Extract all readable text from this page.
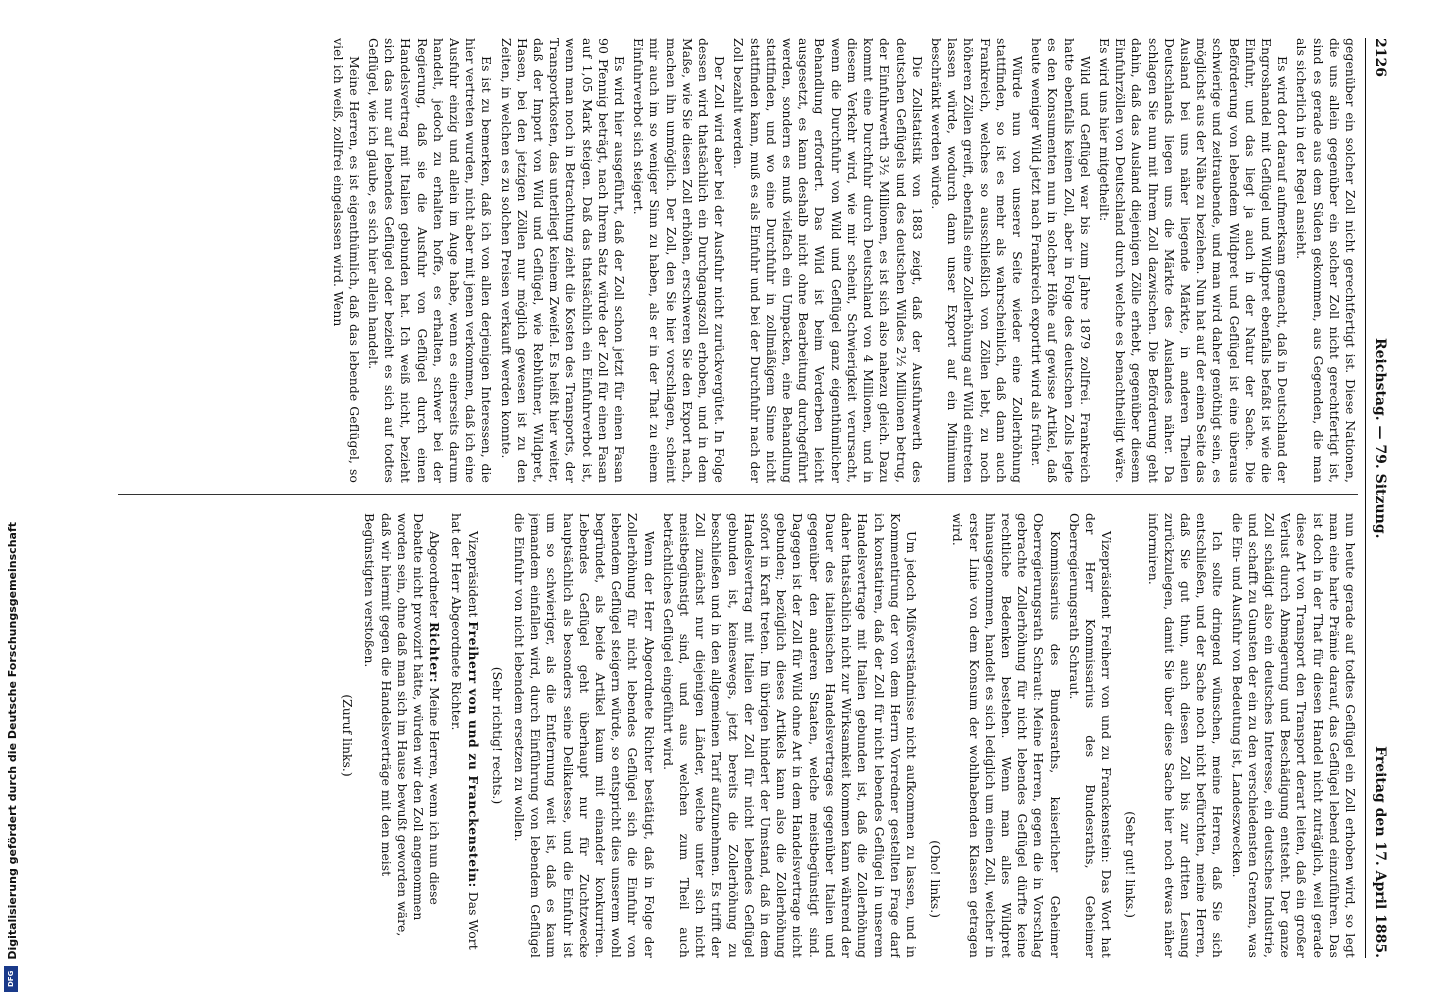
2126
Reichstag. — 79. Sitzung.
Freitag den 17. April 1885.

gegenüber ein solcher Zoll nicht gerechtfertigt ist. Diese Nationen, die uns allein gegenüber ein solcher Zoll nicht gerechtfertigt ist, sind es gerade aus dem Süden gekommen, aus Gegenden, die man als sicherlich in der Regel ansieht.

Es wird dort darauf aufmerksam gemacht, daß in Deutschland der Engroshandel mit Geflügel und Wildpret ebenfalls befaßt ist wie die Einfuhr, und das liegt ja auch in der Natur der Sache. Die Beförderung von lebendem Wildpret und Geflügel ist eine überaus schwierige und zeitraubende, und man wird daher genöthigt sein, es möglichst aus der Nähe zu beziehen. Nun hat auf der einen Seite das Ausland bei uns näher liegende Märkte, in anderen Theilen Deutschlands liegen uns die Märkte des Auslandes näher. Da schlagen Sie nun mit Ihrem Zoll dazwischen. Die Beförderung geht dahin, daß das Ausland diejenigen Zölle erhebt, gegenüber diesem Einfuhrzöllen von Deutschland durch welche es benachtheiligt wäre. Es wird uns hier mitgetheilt:

Wild und Geflügel war bis zum Jahre 1879 zollfrei. Frankreich hatte ebenfalls keinen Zoll, aber in Folge des deutschen Zolls legte es den Konsumenten nun in solcher Höhe auf gewisse Artikel, daß heute weniger Wild jetzt nach Frankreich exportirt wird als früher.

Würde nun von unserer Seite wieder eine Zollerhöhung stattfinden, so ist es mehr als wahrscheinlich, daß dann auch Frankreich, welches so ausschließlich von Zöllen lebt, zu noch höheren Zöllen greift, ebenfalls eine Zollerhöhung auf Wild eintreten lassen würde, wodurch dann unser Export auf ein Minimum beschränkt werden würde.

Die Zollstatistik von 1883 zeigt, daß der Ausfuhrwerth des deutschen Geflügels und des deutschen Wildes 2½ Millionen betrug, der Einfuhrwerth 3½ Millionen, es ist sich also nahezu gleich. Dazu kommt eine Durchfuhr durch Deutschland von 4 Millionen, und in diesem Verkehr wird, wie mir scheint, Schwierigkeit verursacht, wenn die Durchfuhr von Wild und Geflügel ganz eigenthümlicher Behandlung erfordert. Das Wild ist beim Verderben leicht ausgesetzt, es kann deshalb nicht ohne Bearbeitung durchgeführt werden, sondern es muß vielfach ein Umpacken, eine Behandlung stattfinden, und wo eine Durchfuhr in zollmäßigem Sinne nicht stattfinden kann, muß es als Einfuhr und bei der Durchfuhr nach der Zoll bezahlt werden.

Der Zoll wird aber bei der Ausfuhr nicht zurückvergütet. In Folge dessen wird thatsächlich ein Durchgangszoll erhoben, und in dem Maße, wie Sie diesen Zoll erhöhen, erschweren Sie den Export nach, machen ihn unmöglich. Der Zoll, den Sie hier vorschlagen, scheint mir auch im so weniger Sinn zu haben, als er in der That zu einem Einfuhrverbot sich steigert.

Es wird hier ausgeführt, daß der Zoll schon jetzt für einen Fasan 90 Pfennig beträgt, nach Ihrem Satz würde der Zoll für einen Fasan auf 1,05 Mark steigen. Daß das thatsächlich ein Einfuhrverbot ist, wenn man noch in Betrachtung zieht die Kosten des Transports, der Transportkosten, das unterliegt keinem Zweifel. Es heißt hier weiter, daß der Import von Wild und Geflügel, wie Rebhühner, Wildpret, Hasen, bei den jetzigen Zöllen nur möglich gewesen ist zu den Zeiten, in welchen es zu solchen Preisen verkauft werden konnte.

Es ist zu bemerken, daß ich von allen derjenigen Interessen, die hier vertreten wurden, nicht aber mit jenen verkommen, daß ich eine Ausfuhr einzig und allein im Auge habe, wenn es einerseits darum handelt, jedoch zu erhalten hoffe, es erhalten, schwer bei der Regierung, daß sie die Ausfuhr von Geflügel durch einen Handelsvertrag mit Italien gebunden hat. Ich weiß nicht, bezieht sich das nur auf lebendes Geflügel oder bezieht es sich auf todtes Geflügel, wie ich glaube, es sich hier allein handelt.

Meine Herren, es ist eigenthümlich, daß das lebende Geflügel, so viel ich weiß, zollfrei eingelassen wird. Wenn

nun heute gerade auf todtes Geflügel ein Zoll erhoben wird, so legt man eine harte Prämie darauf, das Geflügel lebend einzuführen. Das ist doch in der That für diesen Handel nicht zuträglich, weil gerade diese Art von Transport den Transport derart leiten, daß ein großer Verlust durch Abmagerung und Beschädigung entsteht. Der ganze Zoll schädigt also ein deutsches Interesse, ein deutsches Industrie, und schafft zu Gunsten der ein zu den verschiedensten Grenzen, was die Ein- und Ausfuhr von Bedeutung ist, Landeszwecken.

Ich sollte dringend wünschen, meine Herren, daß Sie sich entschließen, und der Sache noch nicht befürchten, meine Herren, daß Sie gut thun, auch diesen Zoll bis zur dritten Lesung zurückzulegen, damit Sie über diese Sache hier noch etwas näher informiren.

(Sehr gut! links.)

Vizepräsident Freiherr von und zu Franckenstein: Das Wort hat der Herr Kommissarius des Bundesraths, Geheimer Oberregierungsrath Schraut.

Kommissarius des Bundesraths, kaiserlicher Geheimer Oberregierungsrath Schraut: Meine Herren, gegen die in Vorschlag gebrachte Zollerhöhung für nicht lebendes Geflügel dürfte keine rechtliche Bedenken bestehen. Wenn man alles Wildpret hinausgenommen, handelt es sich lediglich um einen Zoll, welcher in erster Linie von dem Konsum der wohlhabenden Klassen getragen wird.

(Oho! links.)

Um jedoch Mißverständnisse nicht aufkommen zu lassen, und in Kommentirung der von dem Herrn Vorredner gestellten Frage darf ich konstatiren, daß der Zoll für nicht lebendes Geflügel in unserem Handelsvertrage mit Italien gebunden ist, daß die Zollerhöhung daher thatsächlich nicht zur Wirksamkeit kommen kann während der Dauer des italienischen Handelsvertrages gegenüber Italien und gegenüber den anderen Staaten, welche meistbegünstigt sind. Dagegen ist der Zoll für Wild ohne Art in dem Handelsvertrage nicht gebunden; bezüglich dieses Artikels kann also die Zollerhöhung sofort in Kraft treten. Im übrigen hindert der Umstand, daß in dem Handelsvertrag mit Italien der Zoll für nicht lebendes Geflügel gebunden ist, keineswegs, jetzt bereits die Zollerhöhung zu beschließen und in den allgemeinen Tarif aufzunehmen. Es trifft der Zoll zunächst nur diejenigen Länder, welche unter sich nicht meistbegünstigt sind, und aus welchen zum Theil auch beträchtliches Geflügel eingeführt wird.

Wenn der Herr Abgeordnete Richter bestätigt, daß in Folge der Zollerhöhung für nicht lebendes Geflügel sich die Einfuhr von lebendem Geflügel steigern würde, so entspricht dies unserem wohl begründet, als beide Artikel kaum mit einander konkurriren. Lebendes Geflügel geht überhaupt nur für Zuchtzwecke hauptsächlich als besonders seine Delikatesse, und die Einfuhr ist um so schwieriger, als die Entfernung weit ist, daß es kaum jemandem einfallen wird, durch Einführung von lebendem Geflügel die Einfuhr von nicht lebendem ersetzen zu wollen.

(Sehr richtig! rechts.)
Vizepräsident Freiherr von und zu Franckenstein: Das Wort hat der Herr Abgeordnete Richter.
Abgeordneter Richter: Meine Herren, wenn ich nun diese Debatte nicht provozirt hätte, würden wir den Zoll angenommen worden sein, ohne daß man sich im Hause bewußt geworden wäre, daß wir hiermit gegen die Handelsverträge mit den meist Begünstigten verstoßen.
(Zuruf links.)
Digitalisierung gefördert durch die Deutsche Forschungsgemeinschaft
DFG
